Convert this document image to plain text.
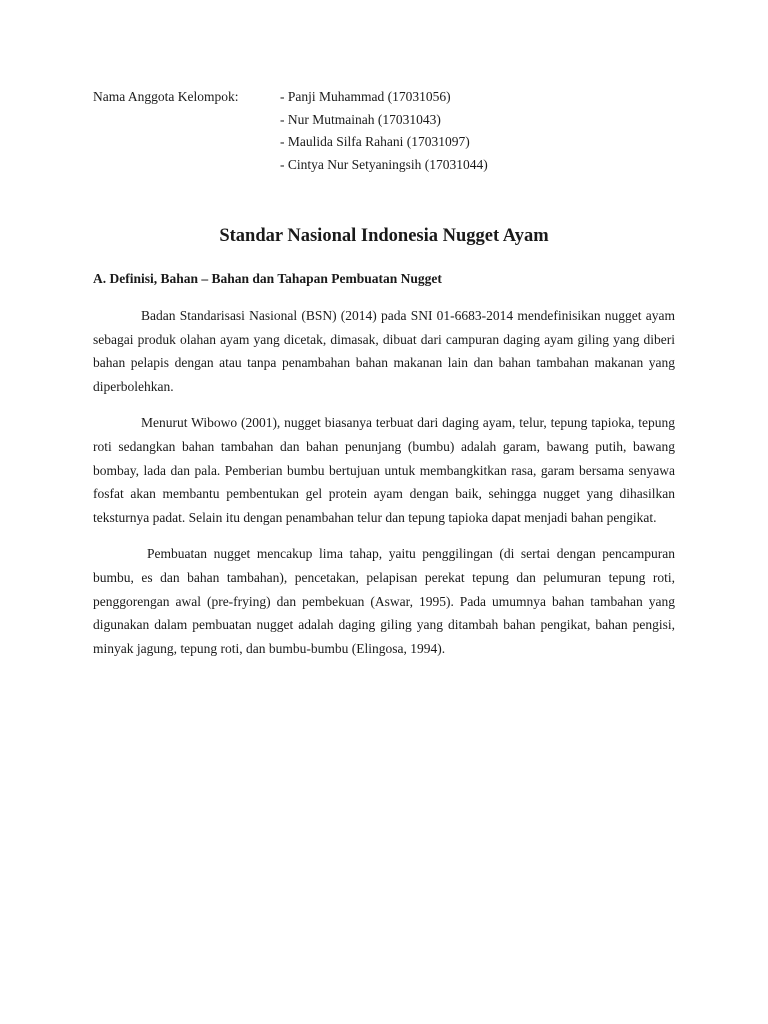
Nama Anggota Kelompok:	- Panji Muhammad (17031056)
- Nur Mutmainah (17031043)
- Maulida Silfa Rahani (17031097)
- Cintya Nur Setyaningsih (17031044)
Standar Nasional Indonesia Nugget Ayam
A. Definisi, Bahan – Bahan dan Tahapan Pembuatan Nugget

Badan Standarisasi Nasional (BSN) (2014) pada SNI 01-6683-2014 mendefinisikan nugget ayam sebagai produk olahan ayam yang dicetak, dimasak, dibuat dari campuran daging ayam giling yang diberi bahan pelapis dengan atau tanpa penambahan bahan makanan lain dan bahan tambahan makanan yang diperbolehkan.

Menurut Wibowo (2001), nugget biasanya terbuat dari daging ayam, telur, tepung tapioka, tepung roti sedangkan bahan tambahan dan bahan penunjang (bumbu) adalah garam, bawang putih, bawang bombay, lada dan pala. Pemberian bumbu bertujuan untuk membangkitkan rasa, garam bersama senyawa fosfat akan membantu pembentukan gel protein ayam dengan baik, sehingga nugget yang dihasilkan teksturnya padat. Selain itu dengan penambahan telur dan tepung tapioka dapat menjadi bahan pengikat.

Pembuatan nugget mencakup lima tahap, yaitu penggilingan (di sertai dengan pencampuran bumbu, es dan bahan tambahan), pencetakan, pelapisan perekat tepung dan pelumuran tepung roti, penggorengan awal (pre-frying) dan pembekuan (Aswar, 1995). Pada umumnya bahan tambahan yang digunakan dalam pembuatan nugget adalah daging giling yang ditambah bahan pengikat, bahan pengisi, minyak jagung, tepung roti, dan bumbu-bumbu (Elingosa, 1994).
